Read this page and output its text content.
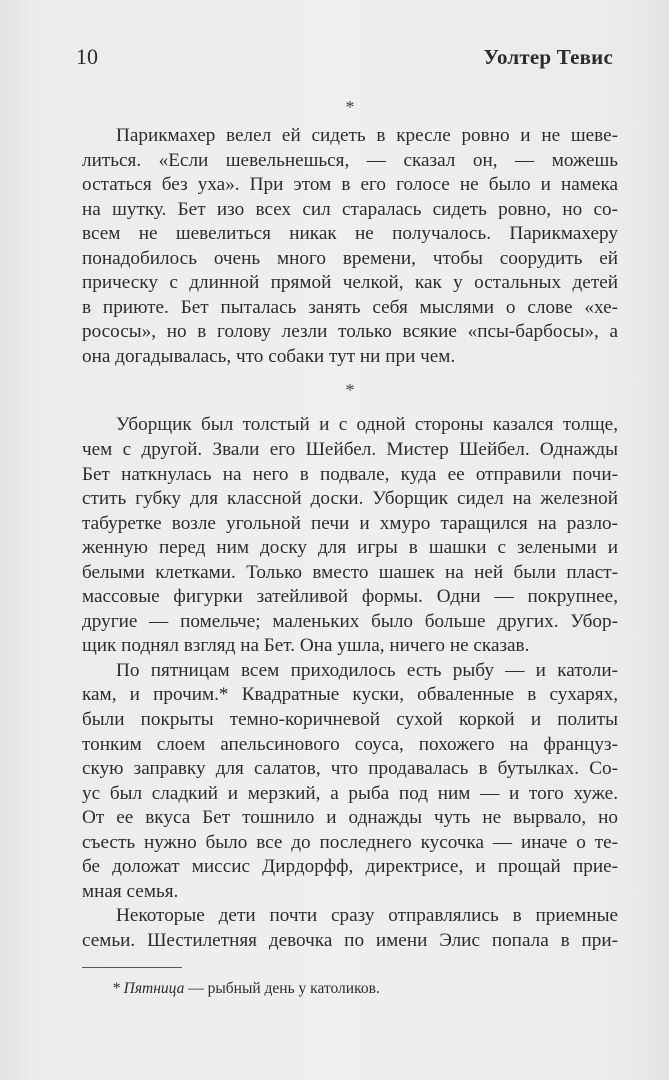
10	Уолтер Тевис
*

Парикмахер велел ей сидеть в кресле ровно и не шеве-
литься. «Если шевельнешься, — сказал он, — можешь
остаться без уха». При этом в его голосе не было и намека
на шутку. Бет изо всех сил старалась сидеть ровно, но со-
всем не шевелиться никак не получалось. Парикмахеру
понадобилось очень много времени, чтобы соорудить ей
прическу с длинной прямой челкой, как у остальных детей
в приюте. Бет пыталась занять себя мыслями о слове «хе-
рососы», но в голову лезли только всякие «псы-барбосы», а
она догадывалась, что собаки тут ни при чем.

*

Уборщик был толстый и с одной стороны казался толще,
чем с другой. Звали его Шейбел. Мистер Шейбел. Однажды
Бет наткнулась на него в подвале, куда ее отправили почи-
стить губку для классной доски. Уборщик сидел на железной
табуретке возле угольной печи и хмуро таращился на разло-
женную перед ним доску для игры в шашки с зелеными и
белыми клетками. Только вместо шашек на ней были пласт-
массовые фигурки затейливой формы. Одни — покрупнее,
другие — помельче; маленьких было больше других. Убор-
щик поднял взгляд на Бет. Она ушла, ничего не сказав.

По пятницам всем приходилось есть рыбу — и католи-
кам, и прочим.* Квадратные куски, обваленные в сухарях,
были покрыты темно-коричневой сухой коркой и политы
тонким слоем апельсинового соуса, похожего на француз-
скую заправку для салатов, что продавалась в бутылках. Со-
ус был сладкий и мерзкий, а рыба под ним — и того хуже.
От ее вкуса Бет тошнило и однажды чуть не вырвало, но
съесть нужно было все до последнего кусочка — иначе о те-
бе доложат миссис Дирдорфф, директрисе, и прощай прие-
мная семья.

Некоторые дети почти сразу отправлялись в приемные
семьи. Шестилетняя девочка по имени Элис попала в при-

* Пятница — рыбный день у католиков.
